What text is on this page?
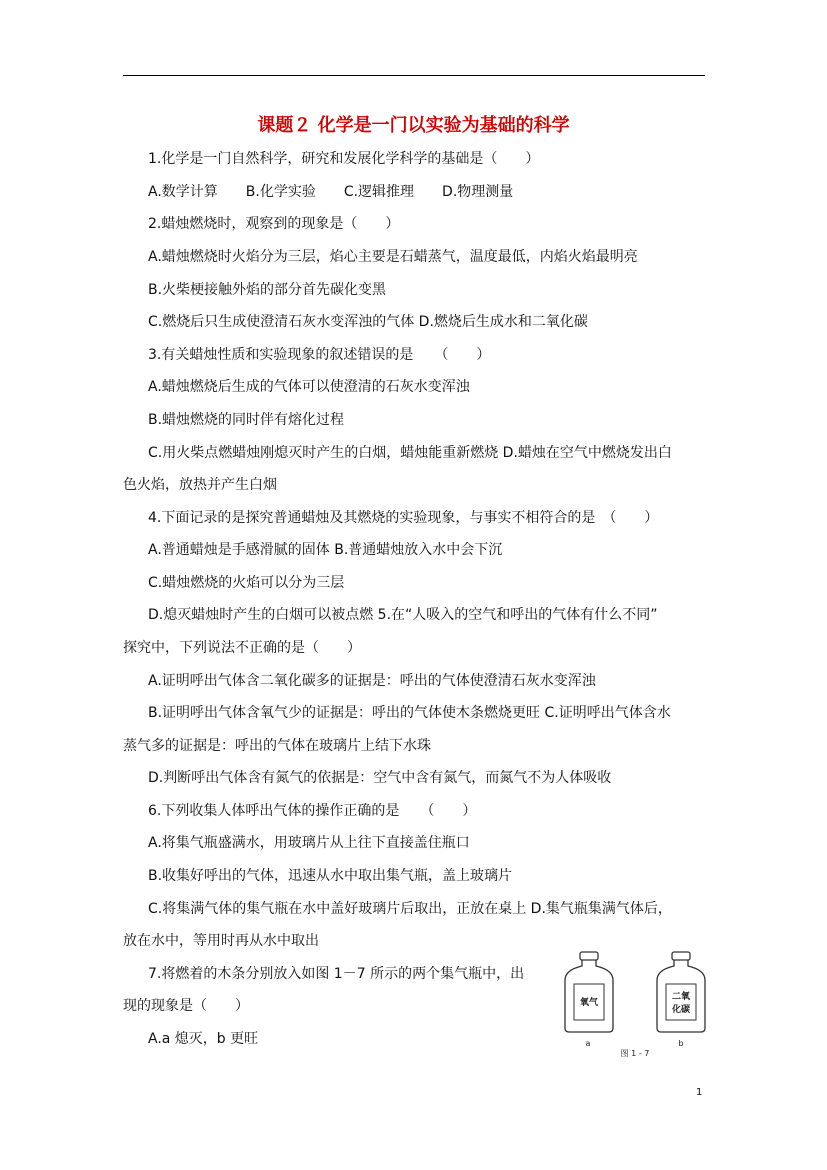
课题２ 化学是一门以实验为基础的科学
1.化学是一门自然科学，研究和发展化学科学的基础是（　　）
A.数学计算　　B.化学实验　　C.逻辑推理　　D.物理测量
2.蜡烛燃烧时，观察到的现象是（　　）
A.蜡烛燃烧时火焰分为三层，焰心主要是石蜡蒸气，温度最低，内焰火焰最明亮
B.火柴梗接触外焰的部分首先碳化变黑
C.燃烧后只生成使澄清石灰水变浑浊的气体 D.燃烧后生成水和二氧化碳
3.有关蜡烛性质和实验现象的叙述错误的是　　（　　）
A.蜡烛燃烧后生成的气体可以使澄清的石灰水变浑浊
B.蜡烛燃烧的同时伴有熔化过程
C.用火柴点燃蜡烛刚熄灭时产生的白烟，蜡烛能重新燃烧 D.蜡烛在空气中燃烧发出白
色火焰，放热并产生白烟
4.下面记录的是探究普通蜡烛及其燃烧的实验现象，与事实不相符合的是　（　　）
A.普通蜡烛是手感滑腻的固体 B.普通蜡烛放入水中会下沉
C.蜡烛燃烧的火焰可以分为三层
D.熄灭蜡烛时产生的白烟可以被点燃 5.在“人吸入的空气和呼出的气体有什么不同”
探究中，下列说法不正确的是（　　）
A.证明呼出气体含二氧化碳多的证据是：呼出的气体使澄清石灰水变浑浊
B.证明呼出气体含氧气少的证据是：呼出的气体使木条燃烧更旺 C.证明呼出气体含水
蒸气多的证据是：呼出的气体在玻璃片上结下水珠
D.判断呼出气体含有氮气的依据是：空气中含有氮气，而氮气不为人体吸收
6.下列收集人体呼出气体的操作正确的是　　（　　）
A.将集气瓶盛满水，用玻璃片从上往下直接盖住瓶口
B.收集好呼出的气体，迅速从水中取出集气瓶，盖上玻璃片
C.将集满气体的集气瓶在水中盖好玻璃片后取出，正放在桌上 D.集气瓶集满气体后，
放在水中，等用时再从水中取出
7.将燃着的木条分别放入如图 1－7 所示的两个集气瓶中，出
现的现象是（　　）
A.a 熄灭，b 更旺
氧气
a
二氧
化碳
b
图 1 - 7
1
